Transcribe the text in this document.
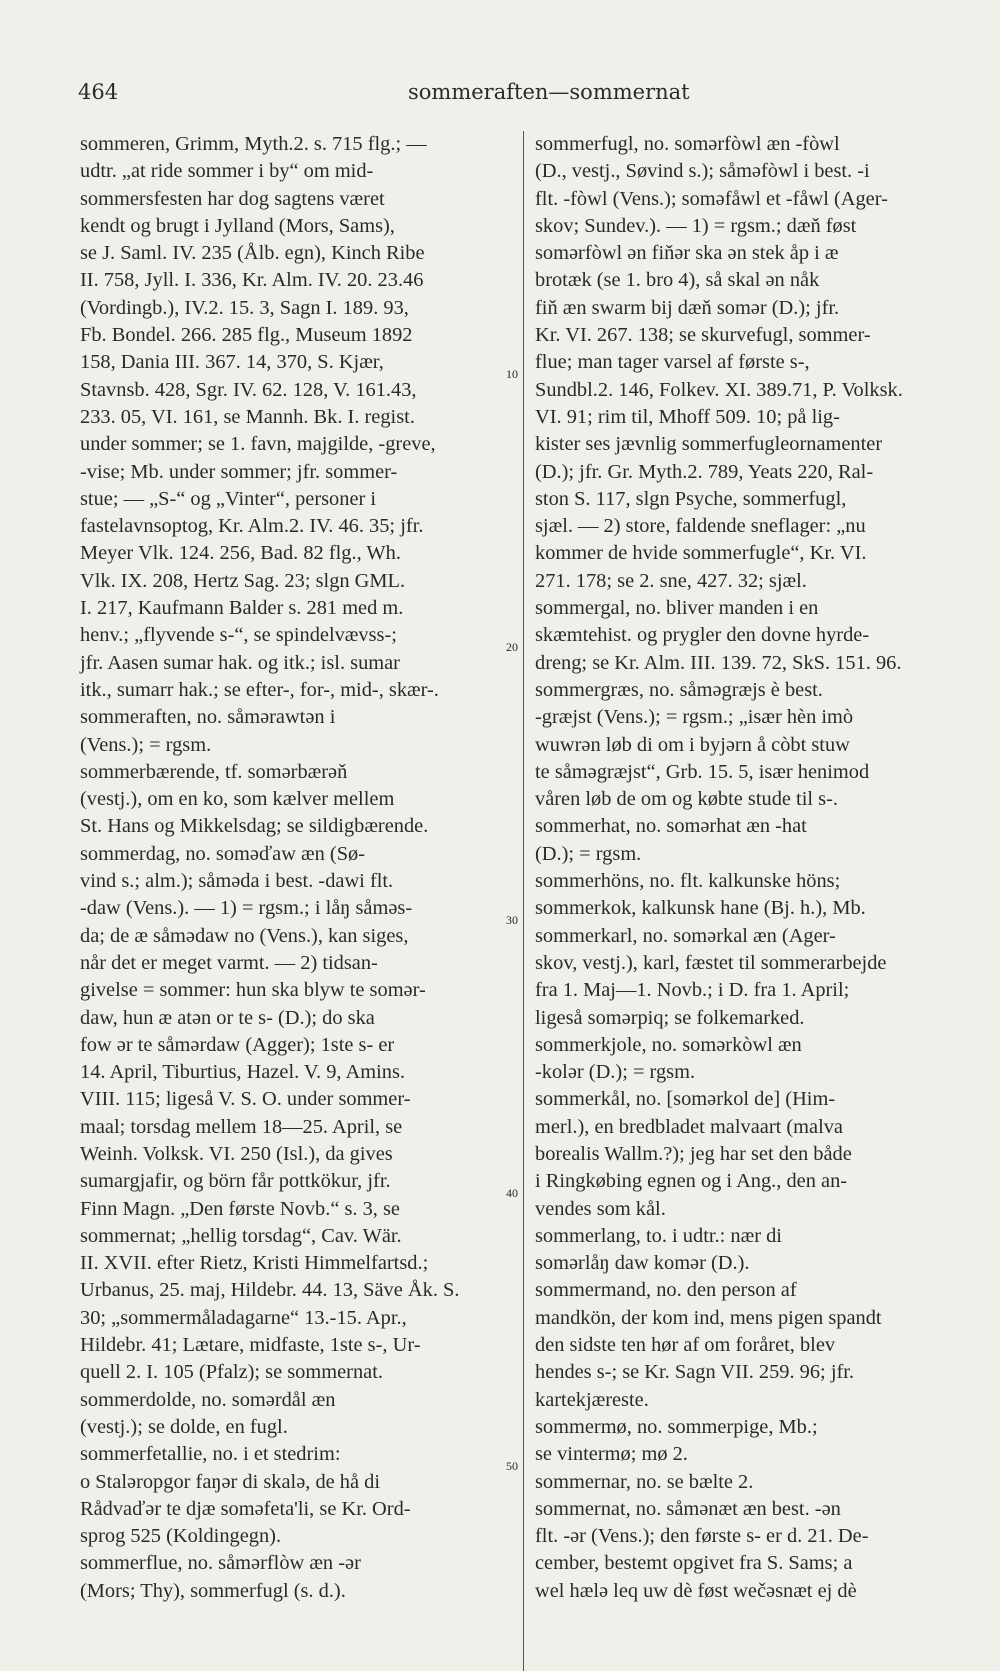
464	sommeraften—sommernat
sommeren, Grimm, Myth.2. s. 715 flg.; —
udtr. „at ride sommer i by“ om mid-
sommersfesten har dog sagtens været
kendt og brugt i Jylland (Mors, Sams),
se J. Saml. IV. 235 (Ålb. egn), Kinch Ribe
II. 758, Jyll. I. 336, Kr. Alm. IV. 20. 23.46
(Vordingb.), IV.2. 15. 3, Sagn I. 189. 93,
Fb. Bondel. 266. 285 flg., Museum 1892
158, Dania III. 367. 14, 370, S. Kjær,
Stavnsb. 428, Sgr. IV. 62. 128, V. 161.43,
233. 05, VI. 161, se Mannh. Bk. I. regist.
under sommer; se 1. favn, majgilde, -greve,
-vise; Mb. under sommer; jfr. sommer-
stue; — „S-“ og „Vinter“, personer i
fastelavnsoptog, Kr. Alm.2. IV. 46. 35; jfr.
Meyer Vlk. 124. 256, Bad. 82 flg., Wh.
Vlk. IX. 208, Hertz Sag. 23; slgn GML.
I. 217, Kaufmann Balder s. 281 med m.
henv.; „flyvende s-“, se spindelvævss-;
jfr. Aasen sumar hak. og itk.; isl. sumar
itk., sumarr hak.; se efter-, for-, mid-, skær-.
sommeraften, no. såmərawtən i
(Vens.); = rgsm.
sommerbærende, tf. somərbærəň
(vestj.), om en ko, som kælver mellem
St. Hans og Mikkelsdag; se sildigbærende.
sommerdag, no. soməďaw æn (Sø-
vind s.; alm.); såməda i best. -dawi flt.
-daw (Vens.). — 1) = rgsm.; i låŋ såməs-
da; de æ såmədaw no (Vens.), kan siges,
når det er meget varmt. — 2) tidsan-
givelse = sommer: hun ska blyw te somər-
daw, hun æ atən or te s- (D.); do ska
fow ər te såmərdaw (Agger); 1ste s- er
14. April, Tiburtius, Hazel. V. 9, Amins.
VIII. 115; ligeså V. S. O. under sommer-
maal; torsdag mellem 18—25. April, se
Weinh. Volksk. VI. 250 (Isl.), da gives
sumargjafir, og börn får pottkökur, jfr.
Finn Magn. „Den første Novb.“ s. 3, se
sommernat; „hellig torsdag“, Cav. Wär.
II. XVII. efter Rietz, Kristi Himmelfartsd.;
Urbanus, 25. maj, Hildebr. 44. 13, Säve Åk. S.
30; „sommermåladagarne“ 13.-15. Apr.,
Hildebr. 41; Lætare, midfaste, 1ste s-, Ur-
quell 2. I. 105 (Pfalz); se sommernat.
sommerdolde, no. somərdål æn
(vestj.); se dolde, en fugl.
sommerfetallie, no. i et stedrim:
o Staləropgor faŋər di skalə, de hå di
Rådvaďər te djæ soməfeta'li, se Kr. Ord-
sprog 525 (Koldingegn).
sommerflue, no. såmərflòw æn -ər
(Mors; Thy), sommerfugl (s. d.).
sommerfugl, no. somərfòwl æn -fòwl
(D., vestj., Søvind s.); såməfòwl i best. -i
flt. -fòwl (Vens.); soməfåwl et -fåwl (Ager-
skov; Sundev.). — 1) = rgsm.; dæň føst
somərfòwl ən fiňər ska ən stek åp i æ
brotæk (se 1. bro 4), så skal ən nåk
fiň æn swarm bij dæň somər (D.); jfr.
Kr. VI. 267. 138; se skurvefugl, sommer-
flue; man tager varsel af første s-,
Sundbl.2. 146, Folkev. XI. 389.71, P. Volksk.
VI. 91; rim til, Mhoff 509. 10; på lig-
kister ses jævnlig sommerfugleornamenter
(D.); jfr. Gr. Myth.2. 789, Yeats 220, Ral-
ston S. 117, slgn Psyche, sommerfugl,
sjæl. — 2) store, faldende sneflager: „nu
kommer de hvide sommerfugle“, Kr. VI.
271. 178; se 2. sne, 427. 32; sjæl.
sommergal, no. bliver manden i en
skæmtehist. og prygler den dovne hyrde-
dreng; se Kr. Alm. III. 139. 72, SkS. 151. 96.
sommergræs, no. såməgræjs è best.
-græjst (Vens.); = rgsm.; „især hèn imò
wuwrən løb di om i byjərn å còbt stuw
te såməgræjst“, Grb. 15. 5, især henimod
våren løb de om og købte stude til s-.
sommerhat, no. somərhat æn -hat
(D.); = rgsm.
sommerhöns, no. flt. kalkunske höns;
sommerkok, kalkunsk hane (Bj. h.), Mb.
sommerkarl, no. somərkal æn (Ager-
skov, vestj.), karl, fæstet til sommerarbejde
fra 1. Maj—1. Novb.; i D. fra 1. April;
ligeså somərpiq; se folkemarked.
sommerkjole, no. somərkòwl æn
-kolər (D.); = rgsm.
sommerkål, no. [somərkol de] (Him-
merl.), en bredbladet malvaart (malva
borealis Wallm.?); jeg har set den både
i Ringkøbing egnen og i Ang., den an-
vendes som kål.
sommerlang, to. i udtr.: nær di
somərlåŋ daw komər (D.).
sommermand, no. den person af
mandkön, der kom ind, mens pigen spandt
den sidste ten hør af om foråret, blev
hendes s-; se Kr. Sagn VII. 259. 96; jfr.
kartekjæreste.
sommermø, no. sommerpige, Mb.;
se vintermø; mø 2.
sommernar, no. se bælte 2.
sommernat, no. såmənæt æn best. -ən
flt. -ər (Vens.); den første s- er d. 21. De-
cember, bestemt opgivet fra S. Sams; a
wel hælə leq uw dè føst wečəsnæt ej dè
10
20
30
40
50
